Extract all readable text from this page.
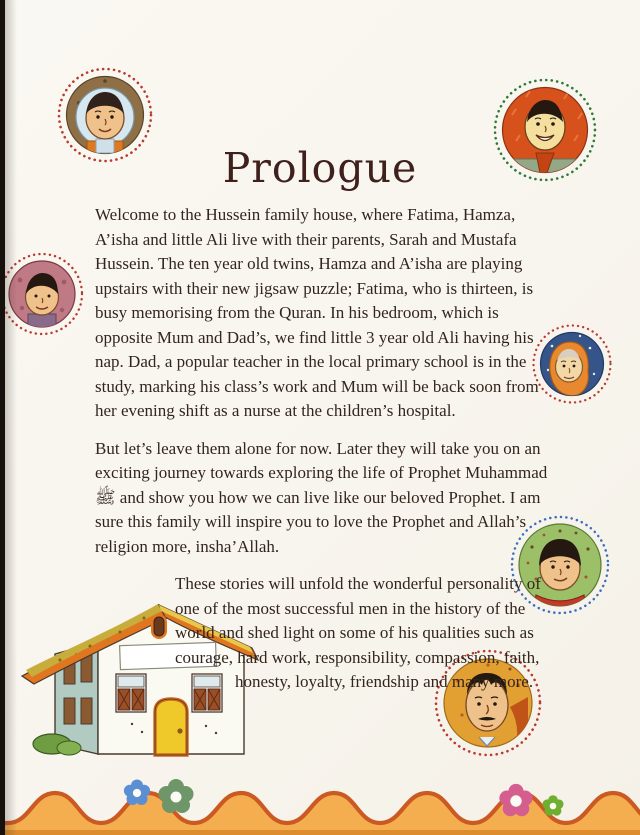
Prologue

Welcome to the Hussein family house, where Fatima, Hamza, A’isha and little Ali live with their parents, Sarah and Mustafa Hussein. The ten year old twins, Hamza and A’isha are playing upstairs with their new jigsaw puzzle; Fatima, who is thirteen, is busy memorising from the Quran. In his bedroom, which is opposite Mum and Dad’s, we find little 3 year old Ali having his nap. Dad, a popular teacher in the local primary school is in the study, marking his class’s work and Mum will be back soon from her evening shift as a nurse at the children’s hospital.

But let’s leave them alone for now. Later they will take you on an exciting journey towards exploring the life of Prophet Muhammad ﷺ and show you how we can live like our beloved Prophet. I am sure this family will inspire you to love the Prophet and Allah’s religion more, insha’Allah.

These stories will unfold the wonderful personality of one of the most successful men in the history of the world and shed light on some of his qualities such as courage, hard work, responsibility, compassion, faith, honesty, loyalty, friendship and many more.
